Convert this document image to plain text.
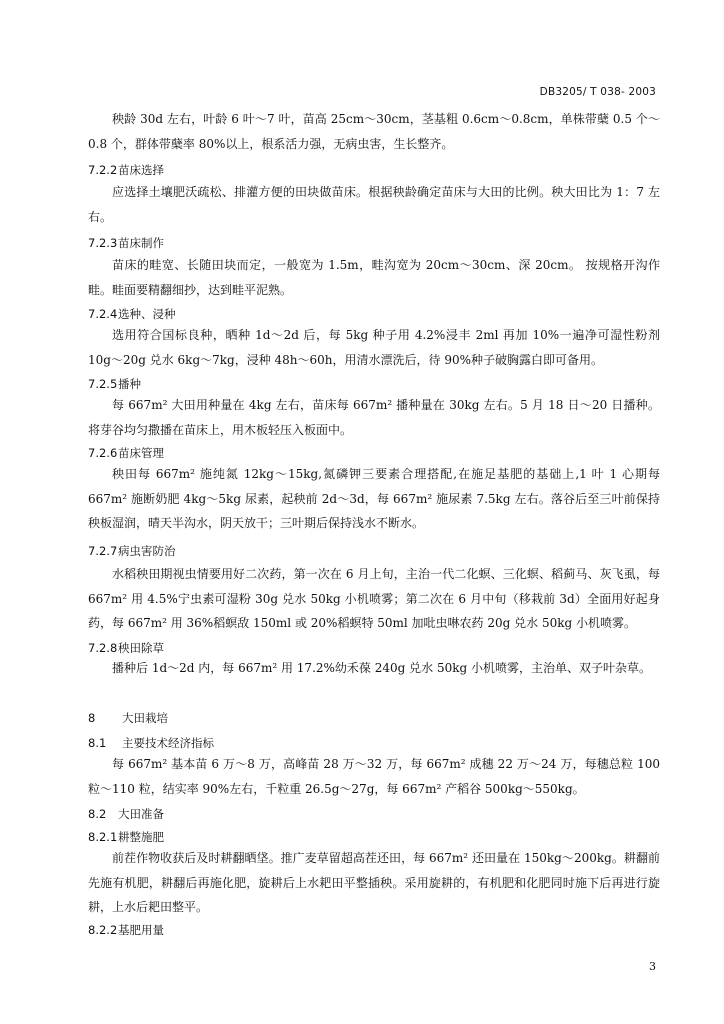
DB3205/ T 038- 2003

秧龄 30d 左右，叶龄 6 叶～7 叶，苗高 25cm～30cm，茎基粗 0.6cm～0.8cm，单株带蘖 0.5 个～0.8 个，群体带蘖率 80%以上，根系活力强，无病虫害，生长整齐。

7.2.2苗床选择

应选择土壤肥沃疏松、排灌方便的田块做苗床。根据秧龄确定苗床与大田的比例。秧大田比为 1：7 左右。

7.2.3苗床制作

苗床的畦宽、长随田块而定，一般宽为 1.5m，畦沟宽为 20cm～30cm、深 20cm。 按规格开沟作畦。畦面要精翻细抄，达到畦平泥熟。

7.2.4选种、浸种

选用符合国标良种，晒种 1d～2d 后，每 5kg 种子用 4.2%浸丰 2ml 再加 10%一遍净可湿性粉剂 10g～20g 兑水 6kg～7kg，浸种 48h～60h，用清水漂洗后，待 90%种子破胸露白即可备用。

7.2.5播种

每 667m² 大田用种量在 4kg 左右，苗床每 667m² 播种量在 30kg 左右。5 月 18 日～20 日播种。将芽谷均匀撒播在苗床上，用木板轻压入板面中。

7.2.6苗床管理

秧田每 667m² 施纯氮 12kg～15kg,氮磷钾三要素合理搭配,在施足基肥的基础上,1 叶 1 心期每 667m² 施断奶肥 4kg～5kg 尿素，起秧前 2d～3d，每 667m² 施尿素 7.5kg 左右。落谷后至三叶前保持秧板湿润，晴天半沟水，阴天放干；三叶期后保持浅水不断水。

7.2.7病虫害防治

水稻秧田期视虫情要用好二次药，第一次在 6 月上旬，主治一代二化螟、三化螟、稻蓟马、灰飞虱，每 667m² 用 4.5%宁虫素可湿粉 30g 兑水 50kg 小机喷雾；第二次在 6 月中旬（移栽前 3d）全面用好起身药，每 667m² 用 36%稻螟敌 150ml 或 20%稻螟特 50ml 加吡虫啉农药 20g 兑水 50kg 小机喷雾。

7.2.8秧田除草

播种后 1d～2d 内，每 667m² 用 17.2%幼禾葆 240g 兑水 50kg 小机喷雾，主治单、双子叶杂草。

8 大田栽培
8.1 主要技术经济指标

每 667m² 基本苗 6 万～8 万，高峰苗 28 万～32 万，每 667m² 成穗 22 万～24 万，每穗总粒 100 粒～110 粒，结实率 90%左右，千粒重 26.5g～27g，每 667m² 产稻谷 500kg～550kg。

8.2 大田准备
8.2.1耕整施肥

前茬作物收获后及时耕翻晒垡。推广麦草留超高茬还田，每 667m² 还田量在 150kg～200kg。耕翻前先施有机肥，耕翻后再施化肥，旋耕后上水耙田平整插秧。采用旋耕的，有机肥和化肥同时施下后再进行旋耕，上水后耙田整平。

8.2.2基肥用量
3
